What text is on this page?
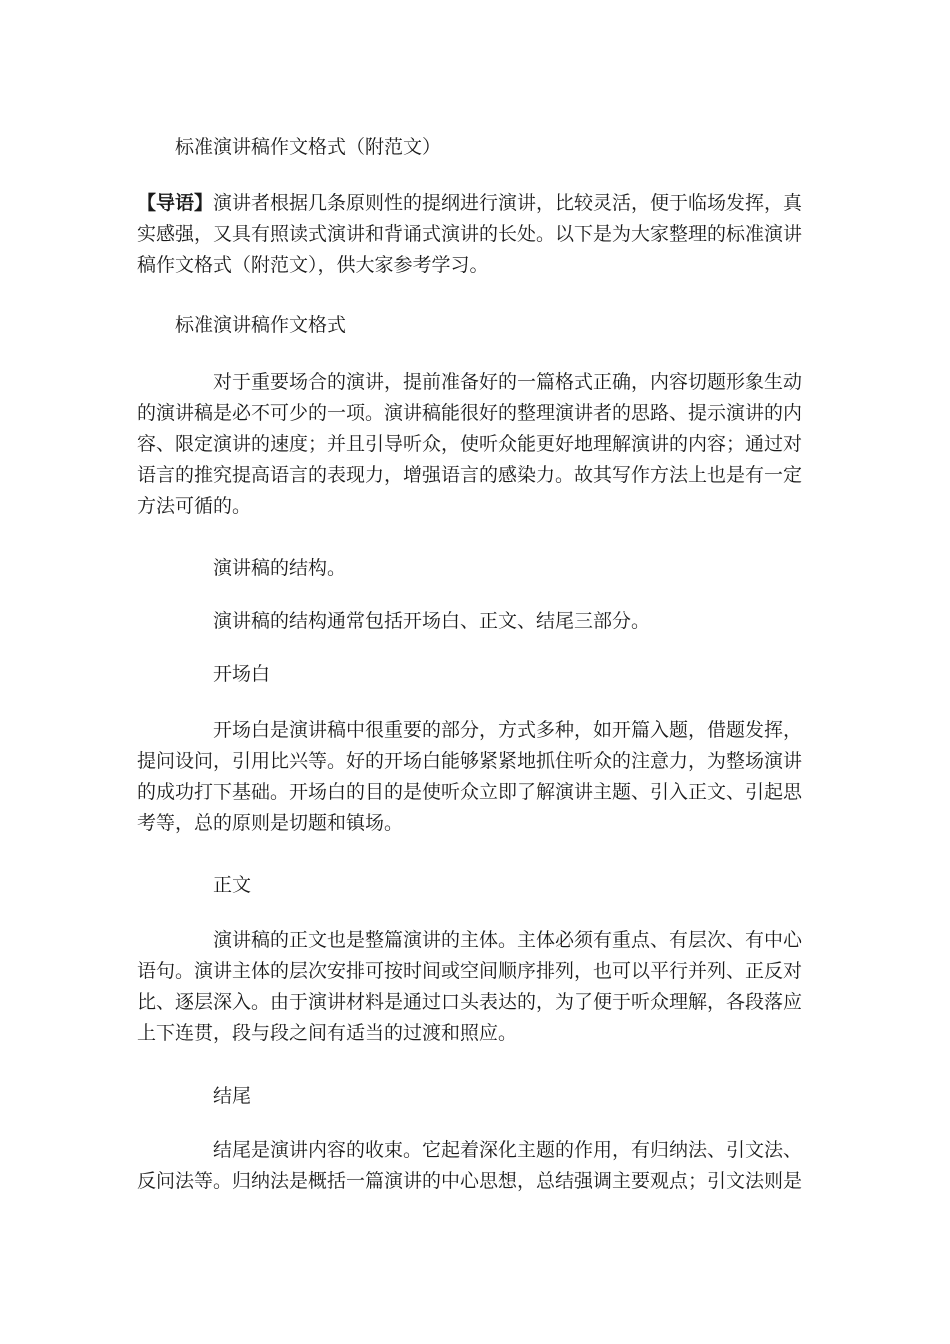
标准演讲稿作文格式（附范文）

【导语】演讲者根据几条原则性的提纲进行演讲，比较灵活，便于临场发挥，真实感强，又具有照读式演讲和背诵式演讲的长处。以下是为大家整理的标准演讲稿作文格式（附范文），供大家参考学习。

标准演讲稿作文格式

对于重要场合的演讲，提前准备好的一篇格式正确，内容切题形象生动的演讲稿是必不可少的一项。演讲稿能很好的整理演讲者的思路、提示演讲的内容、限定演讲的速度；并且引导听众，使听众能更好地理解演讲的内容；通过对语言的推究提高语言的表现力，增强语言的感染力。故其写作方法上也是有一定方法可循的。

演讲稿的结构。

演讲稿的结构通常包括开场白、正文、结尾三部分。

开场白

开场白是演讲稿中很重要的部分，方式多种，如开篇入题，借题发挥，提问设问，引用比兴等。好的开场白能够紧紧地抓住听众的注意力，为整场演讲的成功打下基础。开场白的目的是使听众立即了解演讲主题、引入正文、引起思考等，总的原则是切题和镇场。

正文

演讲稿的正文也是整篇演讲的主体。主体必须有重点、有层次、有中心语句。演讲主体的层次安排可按时间或空间顺序排列，也可以平行并列、正反对比、逐层深入。由于演讲材料是通过口头表达的，为了便于听众理解，各段落应上下连贯，段与段之间有适当的过渡和照应。

结尾

结尾是演讲内容的收束。它起着深化主题的作用，有归纳法、引文法、反问法等。归纳法是概括一篇演讲的中心思想，总结强调主要观点；引文法则是
